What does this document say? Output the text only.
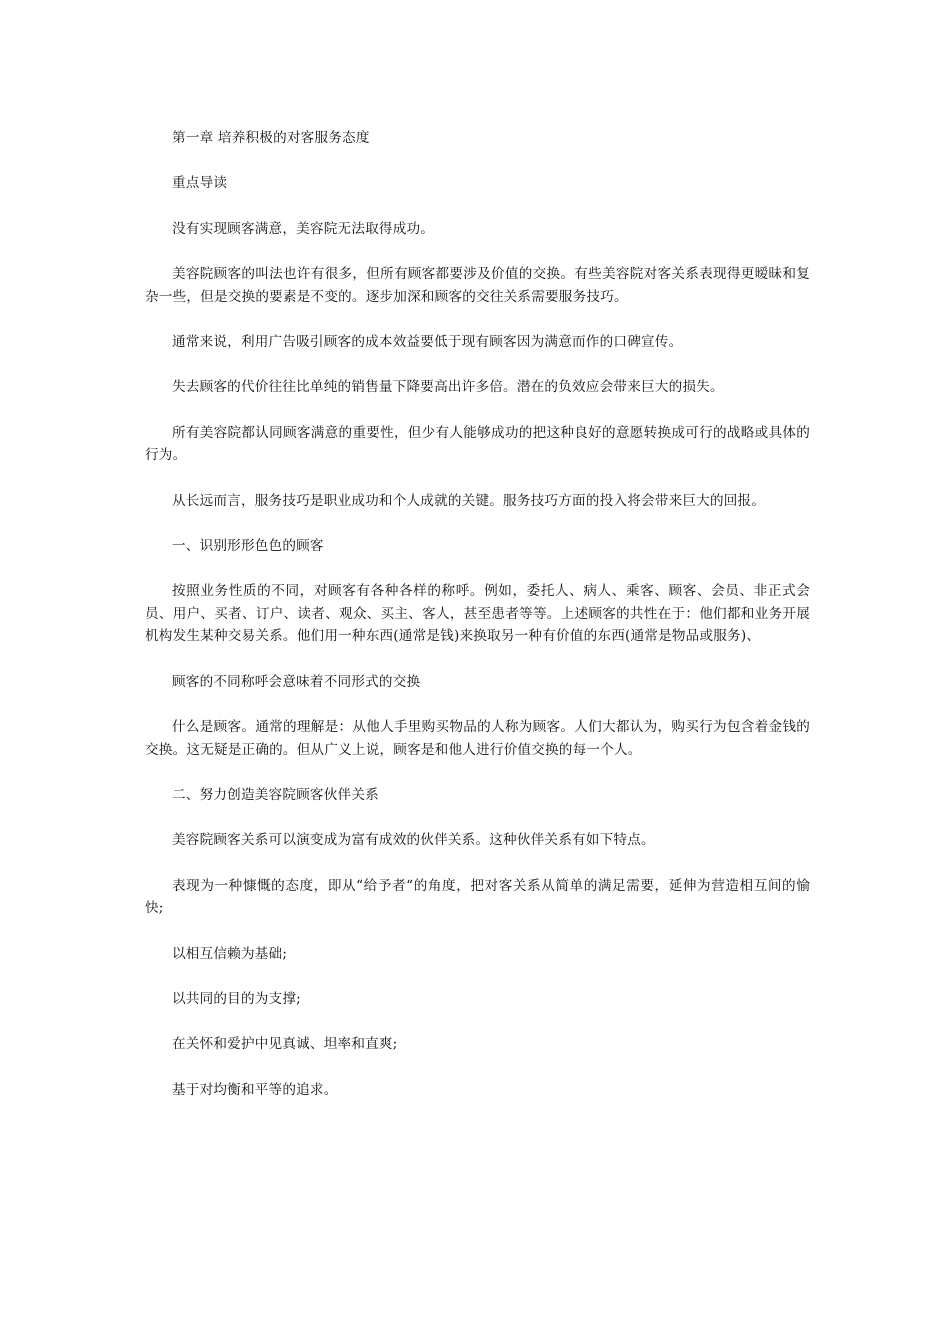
第一章 培养积极的对客服务态度

重点导读

没有实现顾客满意，美容院无法取得成功。

美容院顾客的叫法也许有很多，但所有顾客都要涉及价值的交换。有些美容院对客关系表现得更暧昧和复杂一些，但是交换的要素是不变的。逐步加深和顾客的交往关系需要服务技巧。

通常来说，利用广告吸引顾客的成本效益要低于现有顾客因为满意而作的口碑宣传。

失去顾客的代价往往比单纯的销售量下降要高出许多倍。潜在的负效应会带来巨大的损失。

所有美容院都认同顾客满意的重要性，但少有人能够成功的把这种良好的意愿转换成可行的战略或具体的行为。

从长远而言，服务技巧是职业成功和个人成就的关键。服务技巧方面的投入将会带来巨大的回报。

一、识别形形色色的顾客

按照业务性质的不同，对顾客有各种各样的称呼。例如，委托人、病人、乘客、顾客、会员、非正式会员、用户、买者、订户、读者、观众、买主、客人，甚至患者等等。上述顾客的共性在于：他们都和业务开展机构发生某种交易关系。他们用一种东西(通常是钱)来换取另一种有价值的东西(通常是物品或服务)、

顾客的不同称呼会意味着不同形式的交换

什么是顾客。通常的理解是：从他人手里购买物品的人称为顾客。人们大都认为，购买行为包含着金钱的交换。这无疑是正确的。但从广义上说，顾客是和他人进行价值交换的每一个人。

二、努力创造美容院顾客伙伴关系

美容院顾客关系可以演变成为富有成效的伙伴关系。这种伙伴关系有如下特点。

表现为一种慷慨的态度，即从“给予者“的角度，把对客关系从简单的满足需要，延伸为营造相互间的愉快;

以相互信赖为基础;

以共同的目的为支撑;

在关怀和爱护中见真诚、坦率和直爽;

基于对均衡和平等的追求。
